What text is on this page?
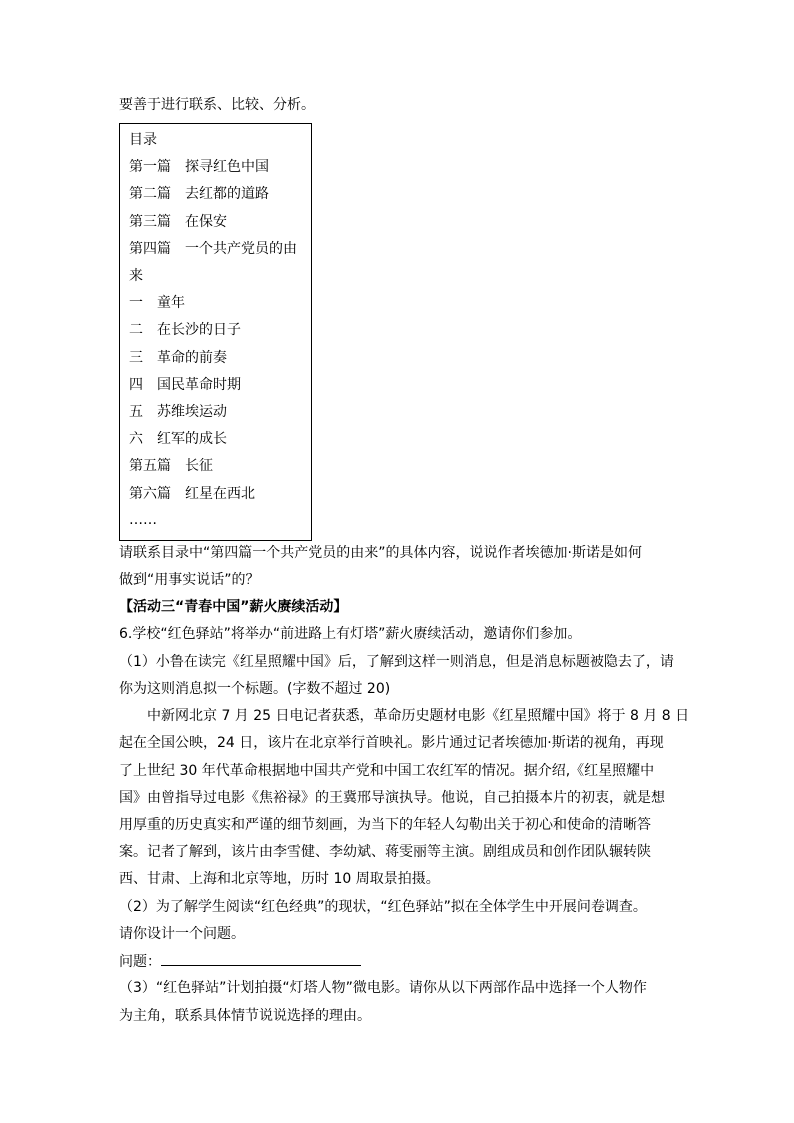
要善于进行联系、比较、分析。
目录
第一篇　探寻红色中国
第二篇　去红都的道路
第三篇　在保安
第四篇　一个共产党员的由
来
一　童年
二　在长沙的日子
三　革命的前奏
四　国民革命时期
五　苏维埃运动
六　红军的成长
第五篇　长征
第六篇　红星在西北
……
请联系目录中“第四篇一个共产党员的由来”的具体内容，说说作者埃德加·斯诺是如何
做到“用事实说话”的？
【活动三“青春中国”薪火赓续活动】
6.学校“红色驿站”将举办“前进路上有灯塔”薪火赓续活动，邀请你们参加。
（1）小鲁在读完《红星照耀中国》后，了解到这样一则消息，但是消息标题被隐去了，请
你为这则消息拟一个标题。(字数不超过 20)
中新网北京 7 月 25 日电记者获悉，革命历史题材电影《红星照耀中国》将于 8 月 8 日
起在全国公映，24 日，该片在北京举行首映礼。影片通过记者埃德加·斯诺的视角，再现
了上世纪 30 年代革命根据地中国共产党和中国工农红军的情况。据介绍,《红星照耀中
国》由曾指导过电影《焦裕禄》的王冀邢导演执导。他说，自己拍摄本片的初衷，就是想
用厚重的历史真实和严谨的细节刻画，为当下的年轻人勾勒出关于初心和使命的清晰答
案。记者了解到，该片由李雪健、李幼斌、蒋雯丽等主演。剧组成员和创作团队辗转陕
西、甘肃、上海和北京等地，历时 10 周取景拍摄。
（2）为了解学生阅读“红色经典”的现状，“红色驿站”拟在全体学生中开展问卷调查。
请你设计一个问题。
问题：
（3）“红色驿站”计划拍摄“灯塔人物”微电影。请你从以下两部作品中选择一个人物作
为主角，联系具体情节说说选择的理由。
